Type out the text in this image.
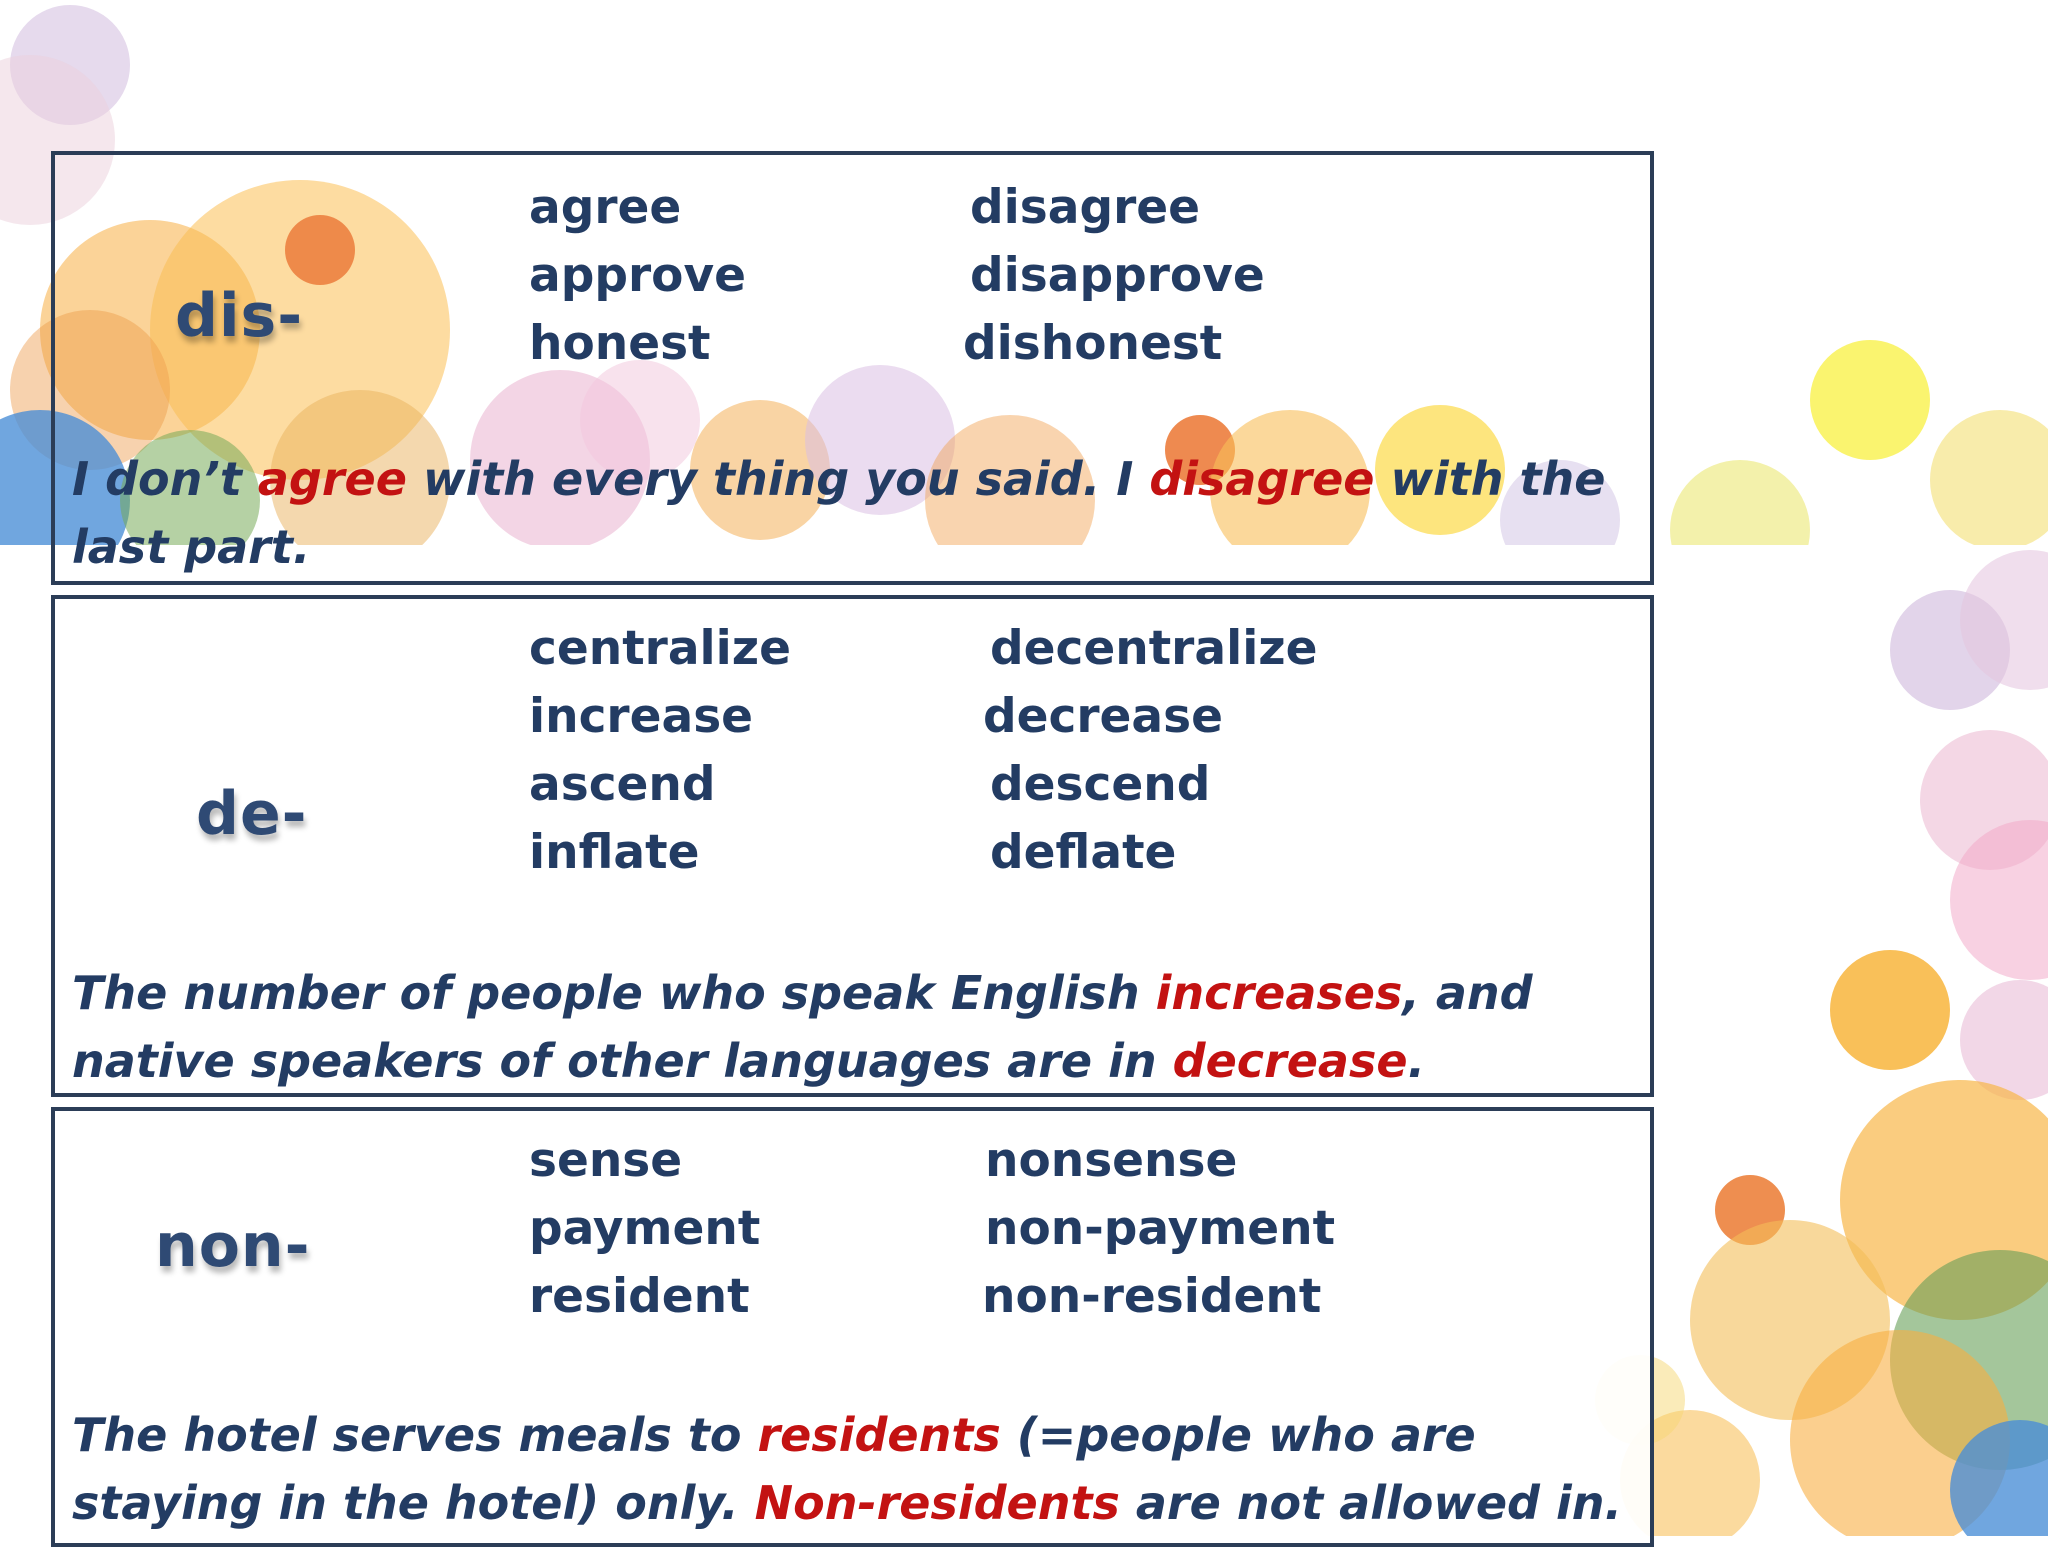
dis-
agree	disagree
approve	disapprove
honest	dishonest

I don’t agree with every thing you said. I disagree with the last part.

de-
centralize	decentralize
increase	decrease
ascend	descend
inflate	deflate

The number of people who speak English increases, and native speakers of other languages are in decrease.

non-
sense	nonsense
payment	non-payment
resident	non-resident

The hotel serves meals to residents (=people who are staying in the hotel) only. Non-residents are not allowed in.
